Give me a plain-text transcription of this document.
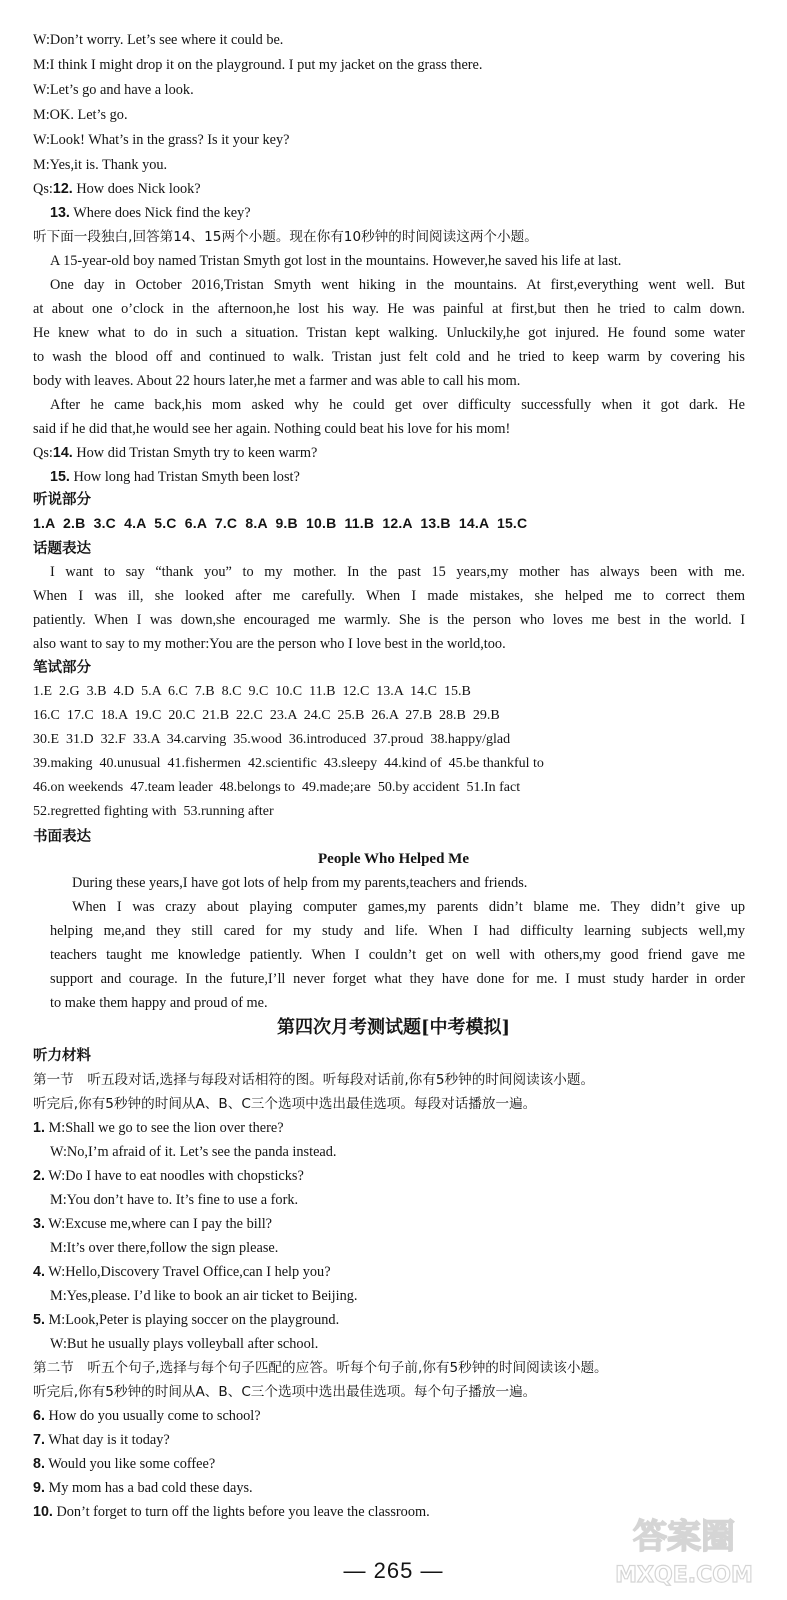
W:Don’t worry. Let’s see where it could be.
M:I think I might drop it on the playground. I put my jacket on the grass there.
W:Let’s go and have a look.
M:OK. Let’s go.
W:Look! What’s in the grass? Is it your key?
M:Yes,it is. Thank you.
Qs:12. How does Nick look?
13. Where does Nick find the key?
听下面一段独白,回答第14、15两个小题。现在你有10秒钟的时间阅读这两个小题。
A 15-year-old boy named Tristan Smyth got lost in the mountains. However,he saved his life at last.
One day in October 2016,Tristan Smyth went hiking in the mountains. At first,everything went well. But
at about one o’clock in the afternoon,he lost his way. He was painful at first,but then he tried to calm down.
He knew what to do in such a situation. Tristan kept walking. Unluckily,he got injured. He found some water
to wash the blood off and continued to walk. Tristan just felt cold and he tried to keep warm by covering his
body with leaves. About 22 hours later,he met a farmer and was able to call his mom.
After he came back,his mom asked why he could get over difficulty successfully when it got dark. He
said if he did that,he would see her again. Nothing could beat his love for his mom!
Qs:14. How did Tristan Smyth try to keen warm?
15. How long had Tristan Smyth been lost?
听说部分
1.A  2.B  3.C  4.A  5.C  6.A  7.C  8.A  9.B  10.B  11.B  12.A  13.B  14.A  15.C
话题表达
I want to say “thank you” to my mother. In the past 15 years,my mother has always been with me.
When I was ill, she looked after me carefully. When I made mistakes, she helped me to correct them
patiently. When I was down,she encouraged me warmly. She is the person who loves me best in the world. I
also want to say to my mother:You are the person who I love best in the world,too.
笔试部分
1.E  2.G  3.B  4.D  5.A  6.C  7.B  8.C  9.C  10.C  11.B  12.C  13.A  14.C  15.B
16.C  17.C  18.A  19.C  20.C  21.B  22.C  23.A  24.C  25.B  26.A  27.B  28.B  29.B
30.E  31.D  32.F  33.A  34.carving  35.wood  36.introduced  37.proud  38.happy/glad
39.making  40.unusual  41.fishermen  42.scientific  43.sleepy  44.kind of  45.be thankful to
46.on weekends  47.team leader  48.belongs to  49.made;are  50.by accident  51.In fact
52.regretted fighting with  53.running after
书面表达
People Who Helped Me
During these years,I have got lots of help from my parents,teachers and friends.
When I was crazy about playing computer games,my parents didn’t blame me. They didn’t give up
helping me,and they still cared for my study and life. When I had difficulty learning subjects well,my
teachers taught me knowledge patiently. When I couldn’t get on well with others,my good friend gave me
support and courage. In the future,I’ll never forget what they have done for me. I must study harder in order
to make them happy and proud of me.
第四次月考测试题[中考模拟]
听力材料
第一节　听五段对话,选择与每段对话相符的图。听每段对话前,你有5秒钟的时间阅读该小题。
听完后,你有5秒钟的时间从A、B、C三个选项中选出最佳选项。每段对话播放一遍。
1. M:Shall we go to see the lion over there?
W:No,I’m afraid of it. Let’s see the panda instead.
2. W:Do I have to eat noodles with chopsticks?
M:You don’t have to. It’s fine to use a fork.
3. W:Excuse me,where can I pay the bill?
M:It’s over there,follow the sign please.
4. W:Hello,Discovery Travel Office,can I help you?
M:Yes,please. I’d like to book an air ticket to Beijing.
5. M:Look,Peter is playing soccer on the playground.
W:But he usually plays volleyball after school.
第二节　听五个句子,选择与每个句子匹配的应答。听每个句子前,你有5秒钟的时间阅读该小题。
听完后,你有5秒钟的时间从A、B、C三个选项中选出最佳选项。每个句子播放一遍。
6. How do you usually come to school?
7. What day is it today?
8. Would you like some coffee?
9. My mom has a bad cold these days.
10. Don’t forget to turn off the lights before you leave the classroom.
— 265 —
答案圈
MXQE.COM
